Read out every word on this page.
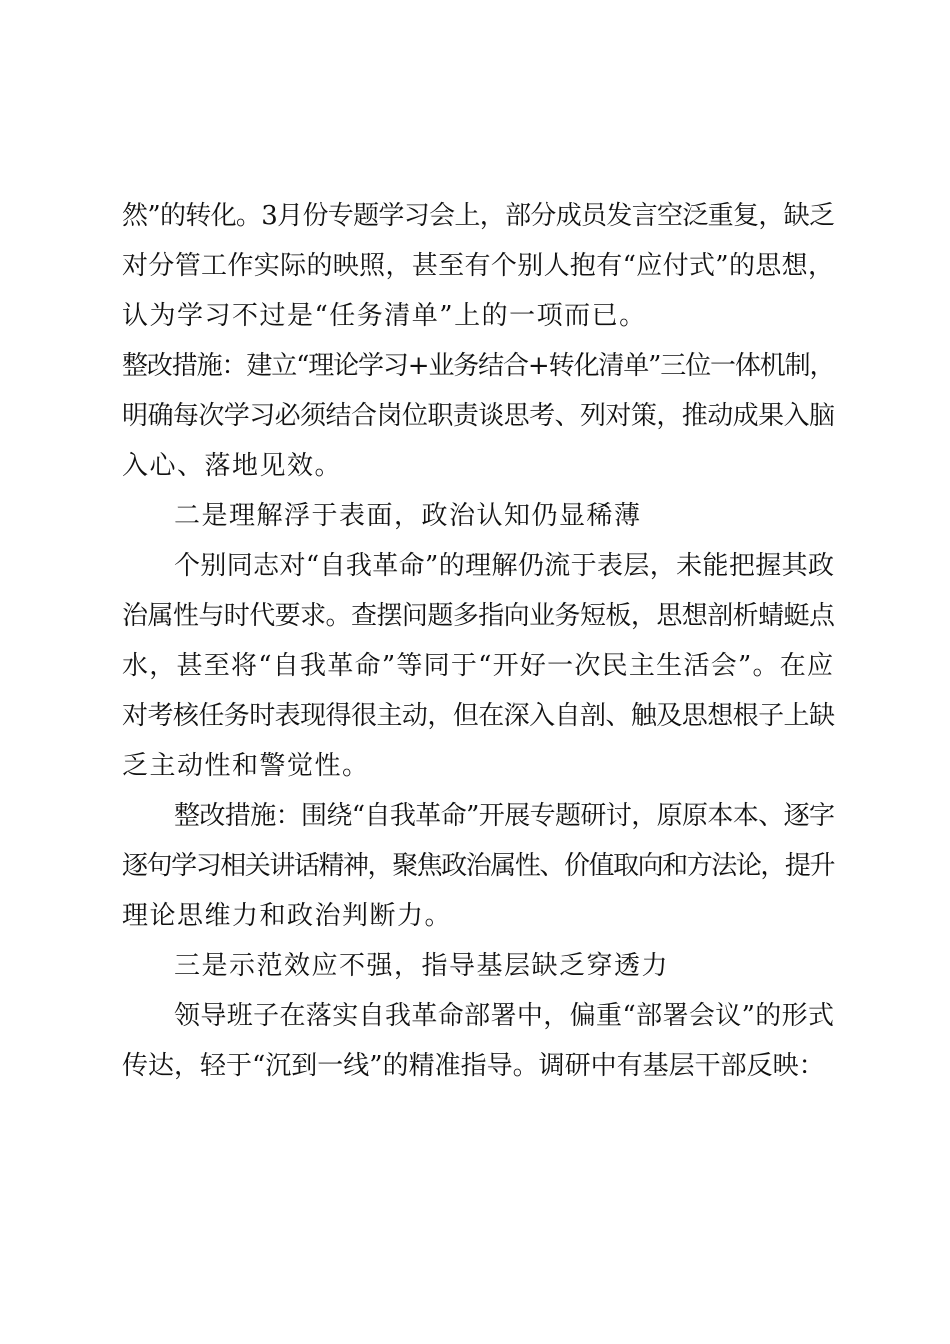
然”的转化。3月份专题学习会上，部分成员发言空泛重复，缺乏
对分管工作实际的映照，甚至有个别人抱有“应付式”的思想，
认为学习不过是“任务清单”上的一项而已。
整改措施：建立“理论学习+业务结合+转化清单”三位一体机制，
明确每次学习必须结合岗位职责谈思考、列对策，推动成果入脑
入心、落地见效。
二是理解浮于表面，政治认知仍显稀薄
个别同志对“自我革命”的理解仍流于表层，未能把握其政
治属性与时代要求。查摆问题多指向业务短板，思想剖析蜻蜓点
水，甚至将“自我革命”等同于“开好一次民主生活会”。在应
对考核任务时表现得很主动，但在深入自剖、触及思想根子上缺
乏主动性和警觉性。
整改措施：围绕“自我革命”开展专题研讨，原原本本、逐字
逐句学习相关讲话精神，聚焦政治属性、价值取向和方法论，提升
理论思维力和政治判断力。
三是示范效应不强，指导基层缺乏穿透力
领导班子在落实自我革命部署中，偏重“部署会议”的形式
传达，轻于“沉到一线”的精准指导。调研中有基层干部反映：
